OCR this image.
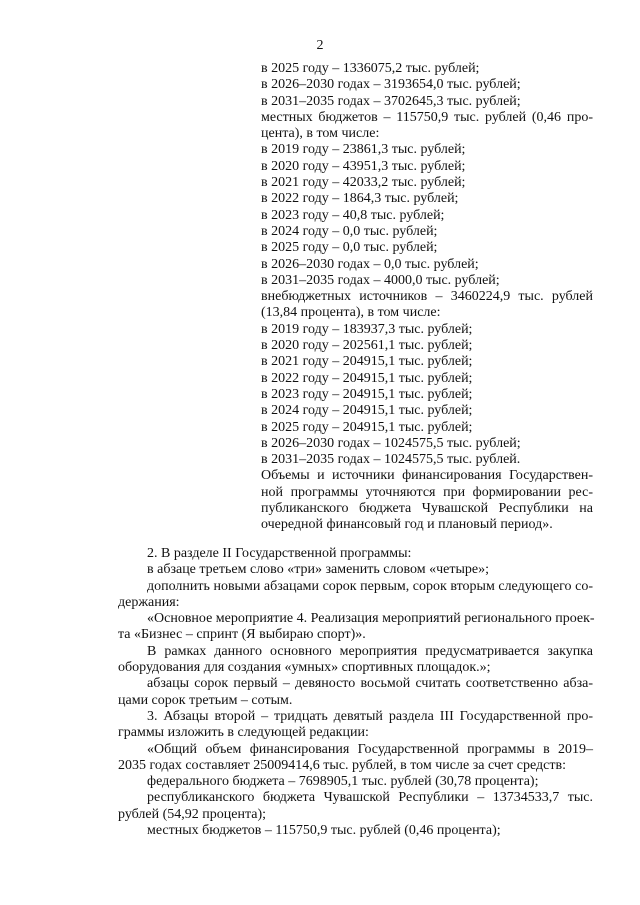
2
в 2025 году – 1336075,2 тыс. рублей;
в 2026–2030 годах – 3193654,0 тыс. рублей;
в 2031–2035 годах – 3702645,3 тыс. рублей;
местных бюджетов – 115750,9 тыс. рублей (0,46 про-
цента), в том числе:
в 2019 году – 23861,3 тыс. рублей;
в 2020 году – 43951,3 тыс. рублей;
в 2021 году – 42033,2 тыс. рублей;
в 2022 году – 1864,3 тыс. рублей;
в 2023 году – 40,8 тыс. рублей;
в 2024 году – 0,0 тыс. рублей;
в 2025 году – 0,0 тыс. рублей;
в 2026–2030 годах – 0,0 тыс. рублей;
в 2031–2035 годах – 4000,0 тыс. рублей;
внебюджетных источников – 3460224,9 тыс. рублей
(13,84 процента), в том числе:
в 2019 году – 183937,3 тыс. рублей;
в 2020 году – 202561,1 тыс. рублей;
в 2021 году – 204915,1 тыс. рублей;
в 2022 году – 204915,1 тыс. рублей;
в 2023 году – 204915,1 тыс. рублей;
в 2024 году – 204915,1 тыс. рублей;
в 2025 году – 204915,1 тыс. рублей;
в 2026–2030 годах – 1024575,5 тыс. рублей;
в 2031–2035 годах – 1024575,5 тыс. рублей.
Объемы и источники финансирования Государствен-
ной программы уточняются при формировании рес-
публиканского бюджета Чувашской Республики на
очередной финансовый год и плановый период».
2. В разделе II Государственной программы:
в абзаце третьем слово «три» заменить словом «четыре»;
дополнить новыми абзацами сорок первым, сорок вторым следующего со-
держания:
«Основное мероприятие 4. Реализация мероприятий регионального проек-
та «Бизнес – спринт (Я выбираю спорт)».
В рамках данного основного мероприятия предусматривается закупка
оборудования для создания «умных» спортивных площадок.»;
абзацы сорок первый – девяносто восьмой считать соответственно абза-
цами сорок третьим – сотым.
3. Абзацы второй – тридцать девятый раздела III Государственной про-
граммы изложить в следующей редакции:
«Общий объем финансирования Государственной программы в 2019–
2035 годах составляет 25009414,6 тыс. рублей, в том числе за счет средств:
федерального бюджета – 7698905,1 тыс. рублей (30,78 процента);
республиканского бюджета Чувашской Республики – 13734533,7 тыс.
рублей (54,92 процента);
местных бюджетов – 115750,9 тыс. рублей (0,46 процента);
